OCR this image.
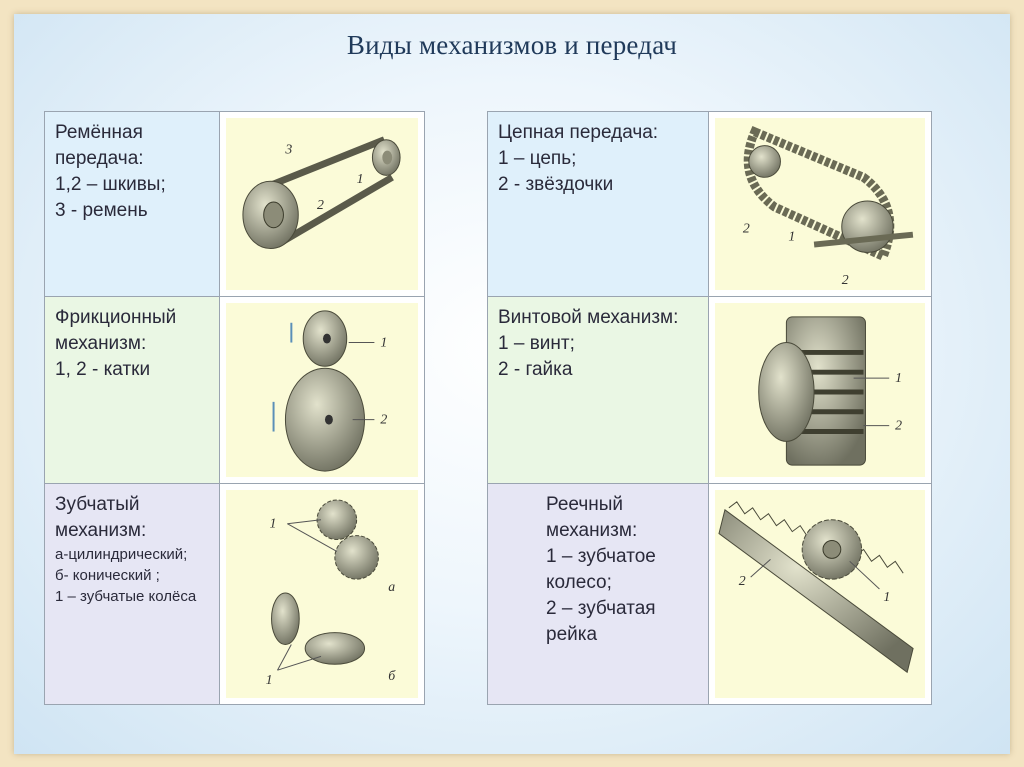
Виды механизмов и передач
Ремённая
передача:
1,2 – шкивы;
3 - ремень
3
1
2
Фрикционный
механизм:
1, 2 - катки
1
2
Зубчатый
механизм:
а-цилиндрический;
б- конический ;
1 – зубчатые колёса
1
а
1	б
Цепная передача:
1 – цепь;
2 - звёздочки
2
1
2
Винтовой механизм:
1 – винт;
2 - гайка	1
2
Реечный
механизм:
1 – зубчатое
колесо;
2 – зубчатая
рейка
2
1
